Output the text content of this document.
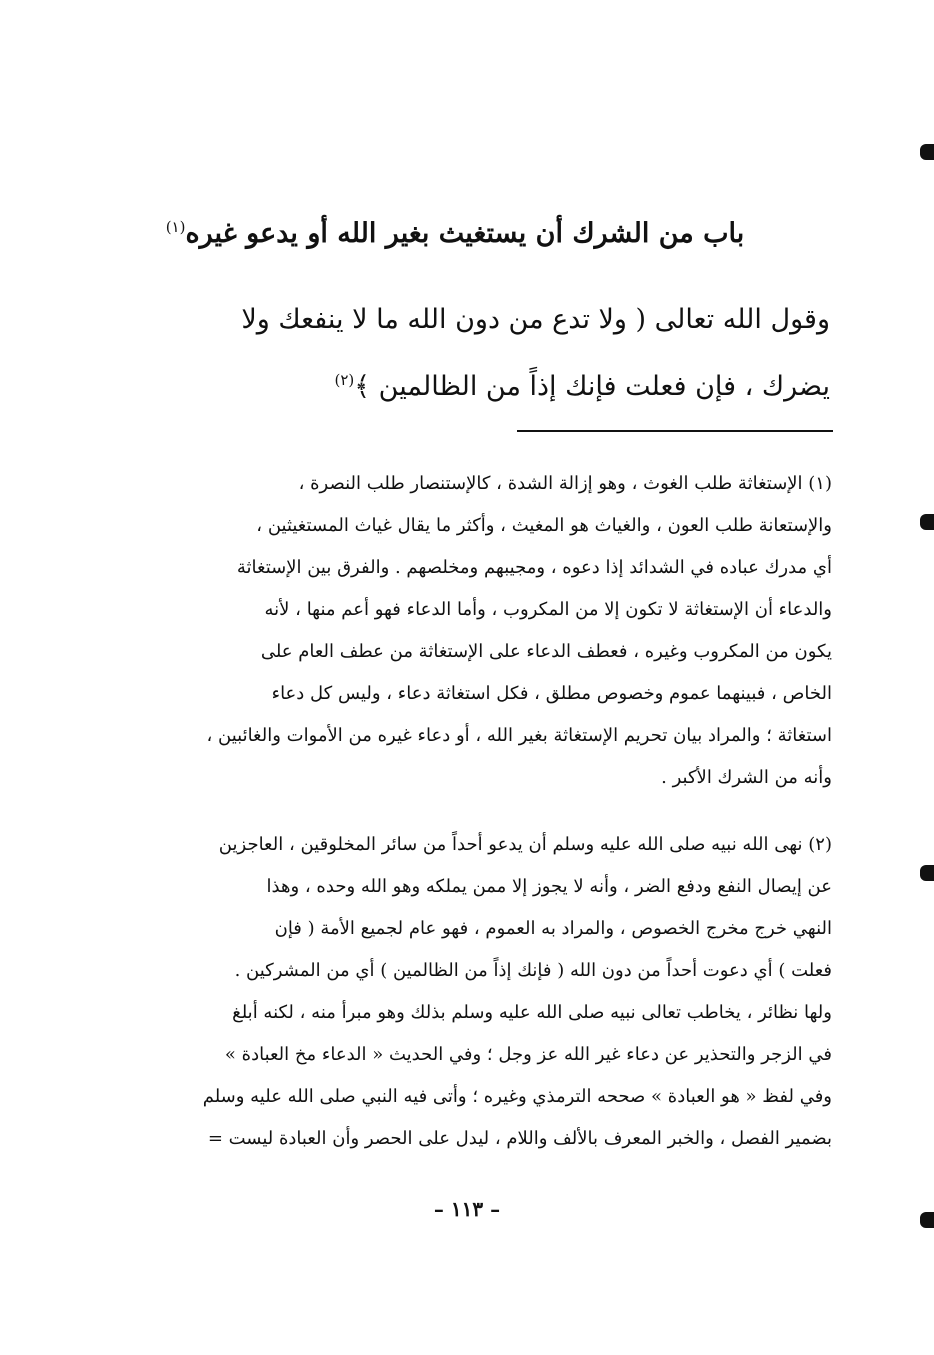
باب من الشرك أن يستغيث بغير الله أو يدعو غيره$^{(١)}$
وقول الله تعالى ( ولا تدع من دون الله ما لا ينفعك ولا
يضرك ، فإن فعلت فإنك إذاً من الظالمين ﴾$^{(٢)}$
(١) الإستغاثة طلب الغوث ، وهو إزالة الشدة ، كالإستنصار طلب النصرة ،
والإستعانة طلب العون ، والغياث هو المغيث ، وأكثر ما يقال غياث المستغيثين ،
أي مدرك عباده في الشدائد إذا دعوه ، ومجيبهم ومخلصهم . والفرق بين الإستغاثة
والدعاء أن الإستغاثة لا تكون إلا من المكروب ، وأما الدعاء فهو أعم منها ، لأنه
يكون من المكروب وغيره ، فعطف الدعاء على الإستغاثة من عطف العام على
الخاص ، فبينهما عموم وخصوص مطلق ، فكل استغاثة دعاء ، وليس كل دعاء
استغاثة ؛ والمراد بيان تحريم الإستغاثة بغير الله ، أو دعاء غيره من الأموات والغائبين ،
وأنه من الشرك الأكبر .
(٢) نهى الله نبيه صلى الله عليه وسلم أن يدعو أحداً من سائر المخلوقين ، العاجزين
عن إيصال النفع ودفع الضر ، وأنه لا يجوز إلا ممن يملكه وهو الله وحده ، وهذا
النهي خرج مخرج الخصوص ، والمراد به العموم ، فهو عام لجميع الأمة ( فإن
فعلت ) أي دعوت أحداً من دون الله ( فإنك إذاً من الظالمين ) أي من المشركين .
ولها نظائر ، يخاطب تعالى نبيه صلى الله عليه وسلم بذلك وهو مبرأ منه ، لكنه أبلغ
في الزجر والتحذير عن دعاء غير الله عز وجل ؛ وفي الحديث « الدعاء مخ العبادة »
وفي لفظ « هو العبادة » صححه الترمذي وغيره ؛ وأتى فيه النبي صلى الله عليه وسلم
بضمير الفصل ، والخبر المعرف بالألف واللام ، ليدل على الحصر وأن العبادة ليست =
– ١١٣ –
